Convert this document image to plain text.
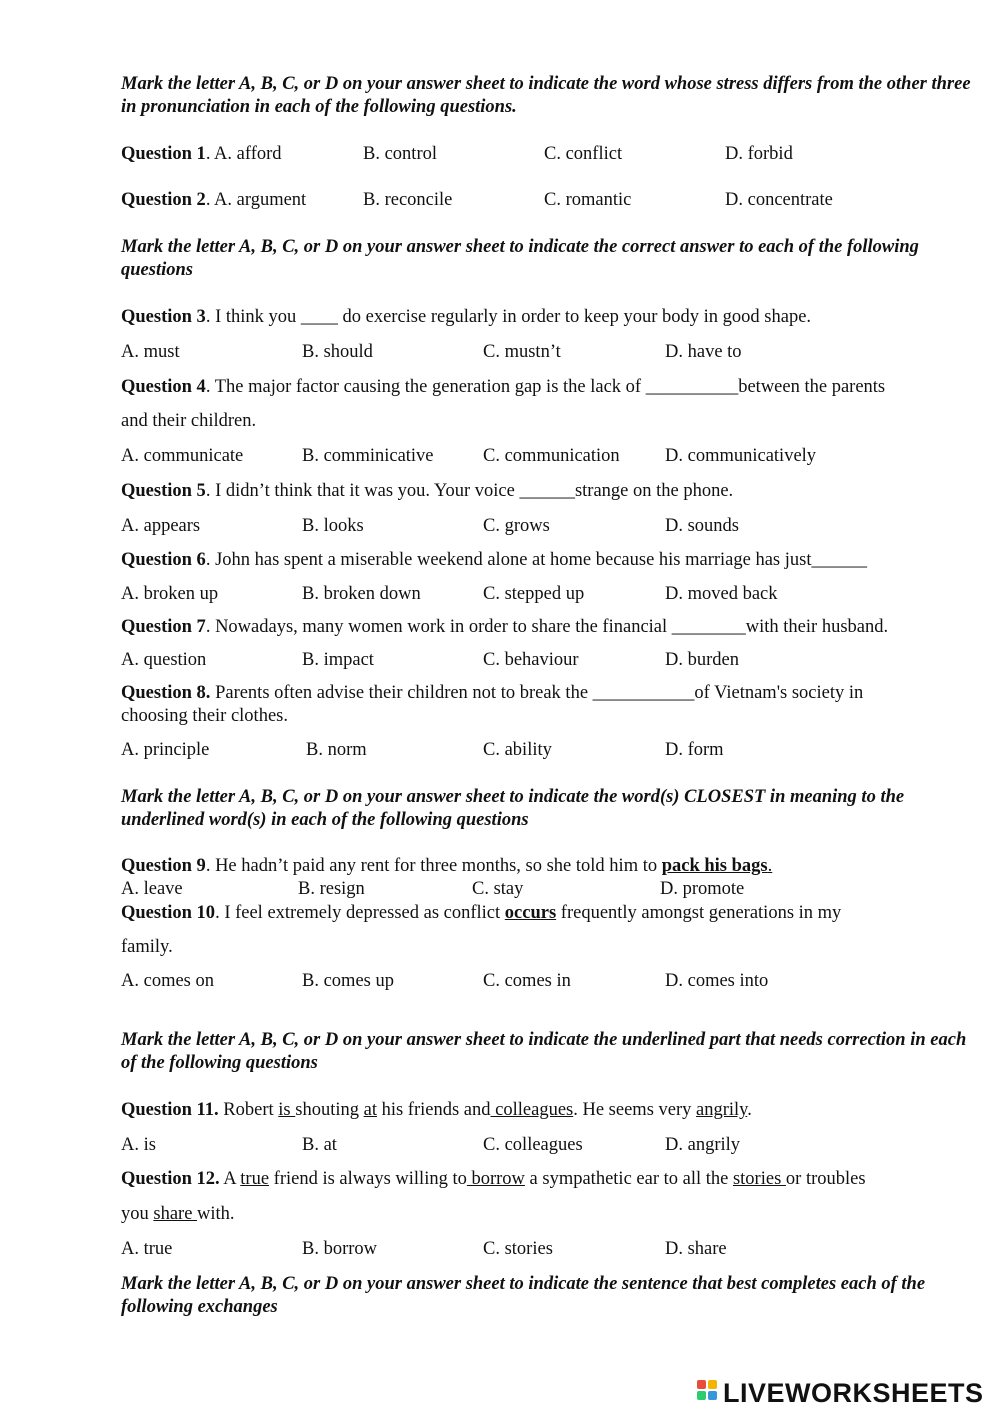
Mark the letter A, B, C, or D on your answer sheet to indicate the word whose stress differs from the other three in pronunciation in each of the following questions.
Question 1. A. afford	B. control	C. conflict	D. forbid
Question 2. A. argument	B. reconcile	C. romantic	D. concentrate
Mark the letter A, B, C, or D on your answer sheet to indicate the correct answer to each of the following questions
Question 3. I think you ____ do exercise regularly in order to keep your body in good shape.
A. must	B. should	C. mustn’t	D. have to
Question 4. The major factor causing the generation gap is the lack of __________between the parents
and their children.
A. communicate	B. comminicative	C. communication D. communicatively
Question 5. I didn’t think that it was you. Your voice ______strange on the phone.
A. appears	B. looks	C. grows	D. sounds
Question 6. John has spent a miserable weekend alone at home because his marriage has just______
A. broken up	B. broken down	C. stepped up	D. moved back
Question 7. Nowadays, many women work in order to share the financial ________with their husband.
A. question	B. impact	C. behaviour	D. burden
Question 8. Parents often advise their children not to break the ___________of Vietnam's society in
choosing their clothes.
A. principle	B. norm	C. ability	D. form
Mark the letter A, B, C, or D on your answer sheet to indicate the word(s) CLOSEST in meaning to the underlined word(s) in each of the following questions
Question 9. He hadn’t paid any rent for three months, so she told him to pack his bags.
A. leave	B. resign	C. stay	D. promote
Question 10. I feel extremely depressed as conflict occurs frequently amongst generations in my
family.
A. comes on	B. comes up	C. comes in	D. comes into
Mark the letter A, B, C, or D on your answer sheet to indicate the underlined part that needs correction in each of the following questions
Question 11. Robert is shouting at his friends and colleagues. He seems very angrily.
A. is	B. at	C. colleagues	D. angrily
Question 12. A true friend is always willing to borrow a sympathetic ear to all the stories or troubles
you share with.
A. true	B. borrow	C. stories	D. share
Mark the letter A, B, C, or D on your answer sheet to indicate the sentence that best completes each of the following exchanges
LIVEWORKSHEETS
